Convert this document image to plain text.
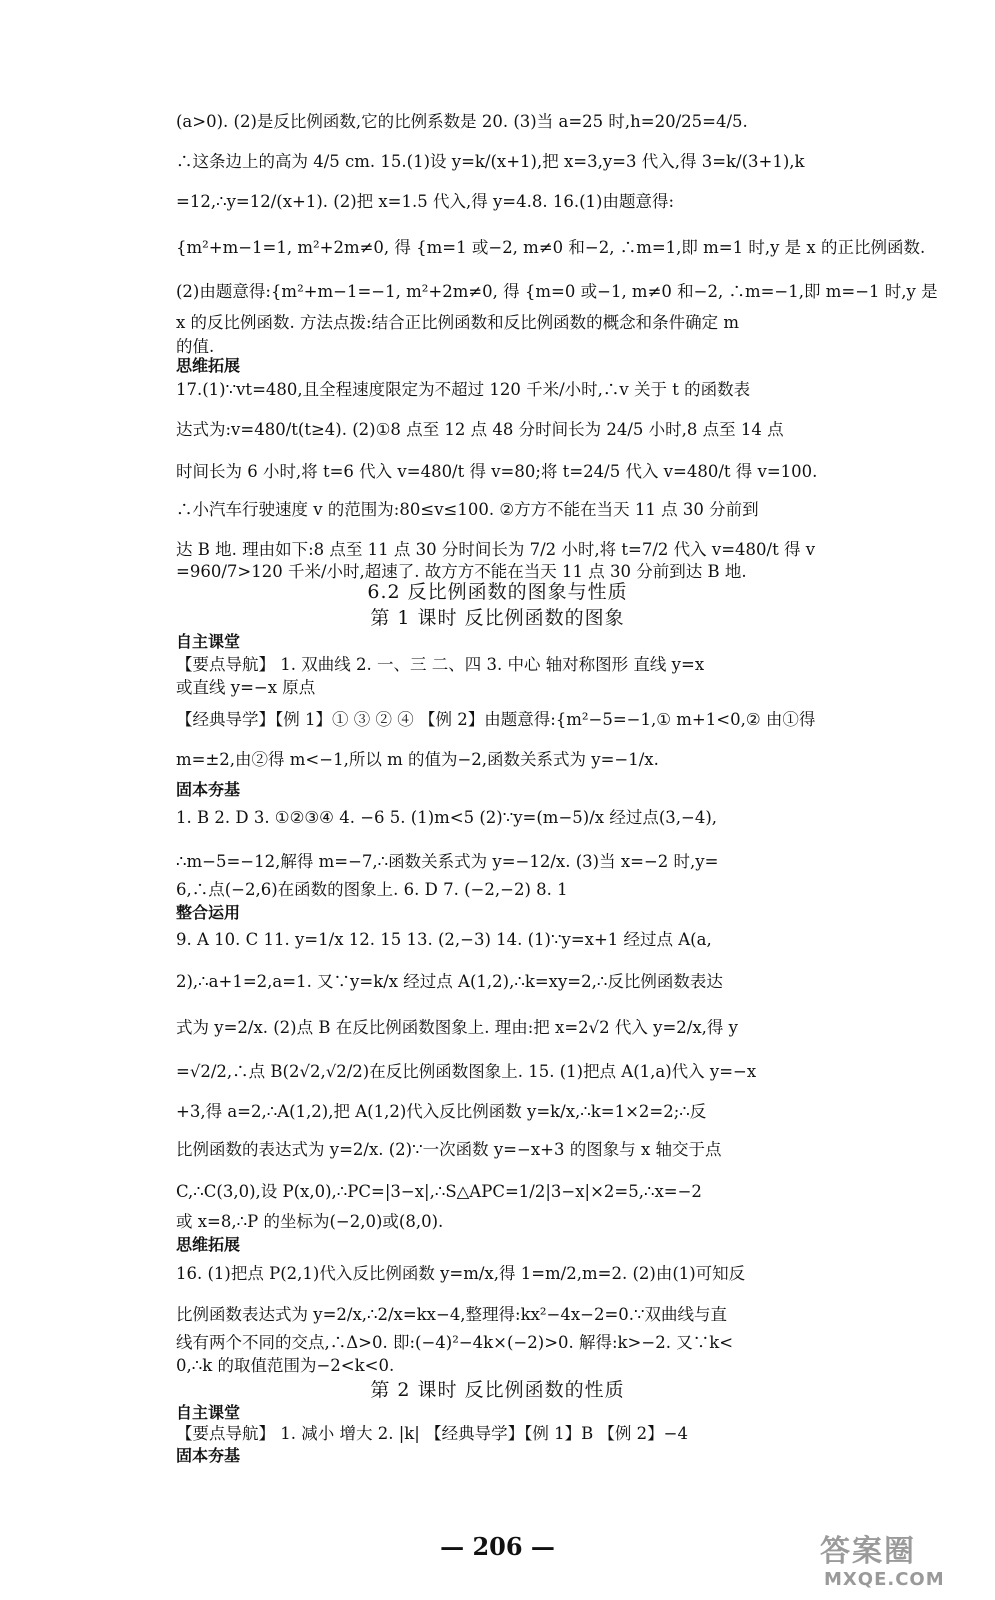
(a>0). (2)是反比例函数,它的比例系数是 20. (3)当 a=25 时,h=20/25=4/5.
∴这条边上的高为 4/5 cm. 15.(1)设 y=k/(x+1),把 x=3,y=3 代入,得 3=k/(3+1),k
=12,∴y=12/(x+1). (2)把 x=1.5 代入,得 y=4.8. 16.(1)由题意得:
{m²+m−1=1, m²+2m≠0, 得 {m=1 或−2, m≠0 和−2, ∴m=1,即 m=1 时,y 是 x 的正比例函数.
(2)由题意得:{m²+m−1=−1, m²+2m≠0, 得 {m=0 或−1, m≠0 和−2, ∴m=−1,即 m=−1 时,y 是
x 的反比例函数. 方法点拨:结合正比例函数和反比例函数的概念和条件确定 m
的值.
思维拓展
17.(1)∵vt=480,且全程速度限定为不超过 120 千米/小时,∴v 关于 t 的函数表
达式为:v=480/t(t≥4). (2)①8 点至 12 点 48 分时间长为 24/5 小时,8 点至 14 点
时间长为 6 小时,将 t=6 代入 v=480/t 得 v=80;将 t=24/5 代入 v=480/t 得 v=100.
∴小汽车行驶速度 v 的范围为:80≤v≤100. ②方方不能在当天 11 点 30 分前到
达 B 地. 理由如下:8 点至 11 点 30 分时间长为 7/2 小时,将 t=7/2 代入 v=480/t 得 v
=960/7>120 千米/小时,超速了. 故方方不能在当天 11 点 30 分前到达 B 地.
6.2 反比例函数的图象与性质
第 1 课时 反比例函数的图象
自主课堂
【要点导航】 1. 双曲线 2. 一、三 二、四 3. 中心 轴对称图形 直线 y=x
或直线 y=−x 原点
【经典导学】【例 1】① ③ ② ④ 【例 2】由题意得:{m²−5=−1,① m+1<0,② 由①得
m=±2,由②得 m<−1,所以 m 的值为−2,函数关系式为 y=−1/x.
固本夯基
1. B 2. D 3. ①②③④ 4. −6 5. (1)m<5 (2)∵y=(m−5)/x 经过点(3,−4),
∴m−5=−12,解得 m=−7,∴函数关系式为 y=−12/x. (3)当 x=−2 时,y=
6,∴点(−2,6)在函数的图象上. 6. D 7. (−2,−2) 8. 1
整合运用
9. A 10. C 11. y=1/x 12. 15 13. (2,−3) 14. (1)∵y=x+1 经过点 A(a,
2),∴a+1=2,a=1. 又∵y=k/x 经过点 A(1,2),∴k=xy=2,∴反比例函数表达
式为 y=2/x. (2)点 B 在反比例函数图象上. 理由:把 x=2√2 代入 y=2/x,得 y
=√2/2,∴点 B(2√2,√2/2)在反比例函数图象上. 15. (1)把点 A(1,a)代入 y=−x
+3,得 a=2,∴A(1,2),把 A(1,2)代入反比例函数 y=k/x,∴k=1×2=2;∴反
比例函数的表达式为 y=2/x. (2)∵一次函数 y=−x+3 的图象与 x 轴交于点
C,∴C(3,0),设 P(x,0),∴PC=|3−x|,∴S△APC=1/2|3−x|×2=5,∴x=−2
或 x=8,∴P 的坐标为(−2,0)或(8,0).
思维拓展
16. (1)把点 P(2,1)代入反比例函数 y=m/x,得 1=m/2,m=2. (2)由(1)可知反
比例函数表达式为 y=2/x,∴2/x=kx−4,整理得:kx²−4x−2=0.∵双曲线与直
线有两个不同的交点,∴Δ>0. 即:(−4)²−4k×(−2)>0. 解得:k>−2. 又∵k<
0,∴k 的取值范围为−2<k<0.
第 2 课时 反比例函数的性质
自主课堂
【要点导航】 1. 减小 增大 2. |k| 【经典导学】【例 1】B 【例 2】−4
固本夯基
— 206 —	答案圈
MXQE.COM
